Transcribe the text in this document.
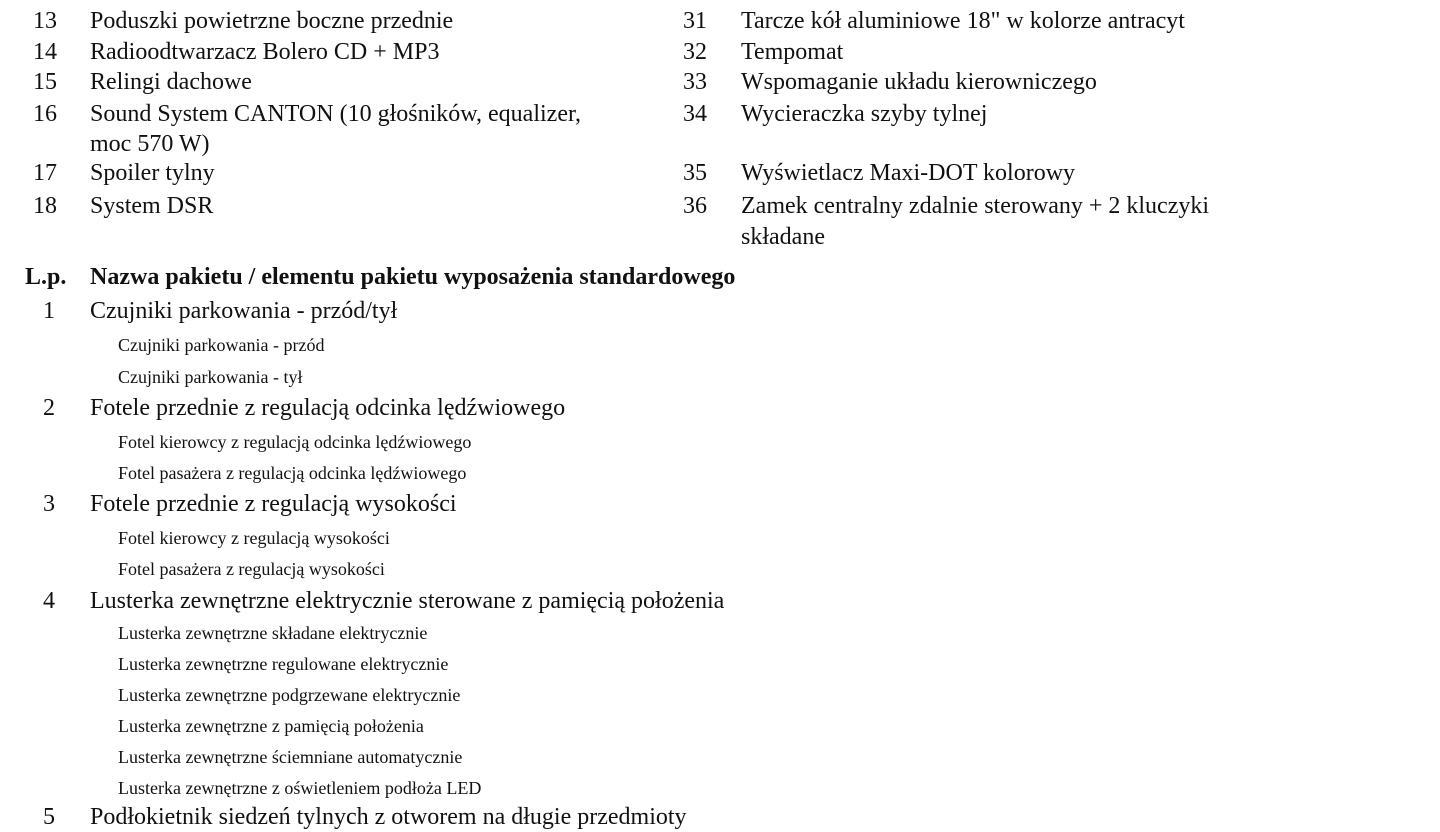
13 Poduszki powietrzne boczne przednie
14 Radioodtwarzacz Bolero CD + MP3
15 Relingi dachowe
16 Sound System CANTON (10 głośników, equalizer,
moc 570 W)
17 Spoiler tylny
18 System DSR
31 Tarcze kół aluminiowe 18" w kolorze antracyt
32 Tempomat
33 Wspomaganie układu kierowniczego
34 Wycieraczka szyby tylnej
35 Wyświetlacz Maxi-DOT kolorowy
36 Zamek centralny zdalnie sterowany + 2 kluczyki
składane
L.p. Nazwa pakietu / elementu pakietu wyposażenia standardowego
1 Czujniki parkowania - przód/tył
Czujniki parkowania - przód
Czujniki parkowania - tył
2 Fotele przednie z regulacją odcinka lędźwiowego
Fotel kierowcy z regulacją odcinka lędźwiowego
Fotel pasażera z regulacją odcinka lędźwiowego
3 Fotele przednie z regulacją wysokości
Fotel kierowcy z regulacją wysokości
Fotel pasażera z regulacją wysokości
4 Lusterka zewnętrzne elektrycznie sterowane z pamięcią położenia
Lusterka zewnętrzne składane elektrycznie
Lusterka zewnętrzne regulowane elektrycznie
Lusterka zewnętrzne podgrzewane elektrycznie
Lusterka zewnętrzne z pamięcią położenia
Lusterka zewnętrzne ściemniane automatycznie
Lusterka zewnętrzne z oświetleniem podłoża LED
5 Podłokietnik siedzeń tylnych z otworem na długie przedmioty
